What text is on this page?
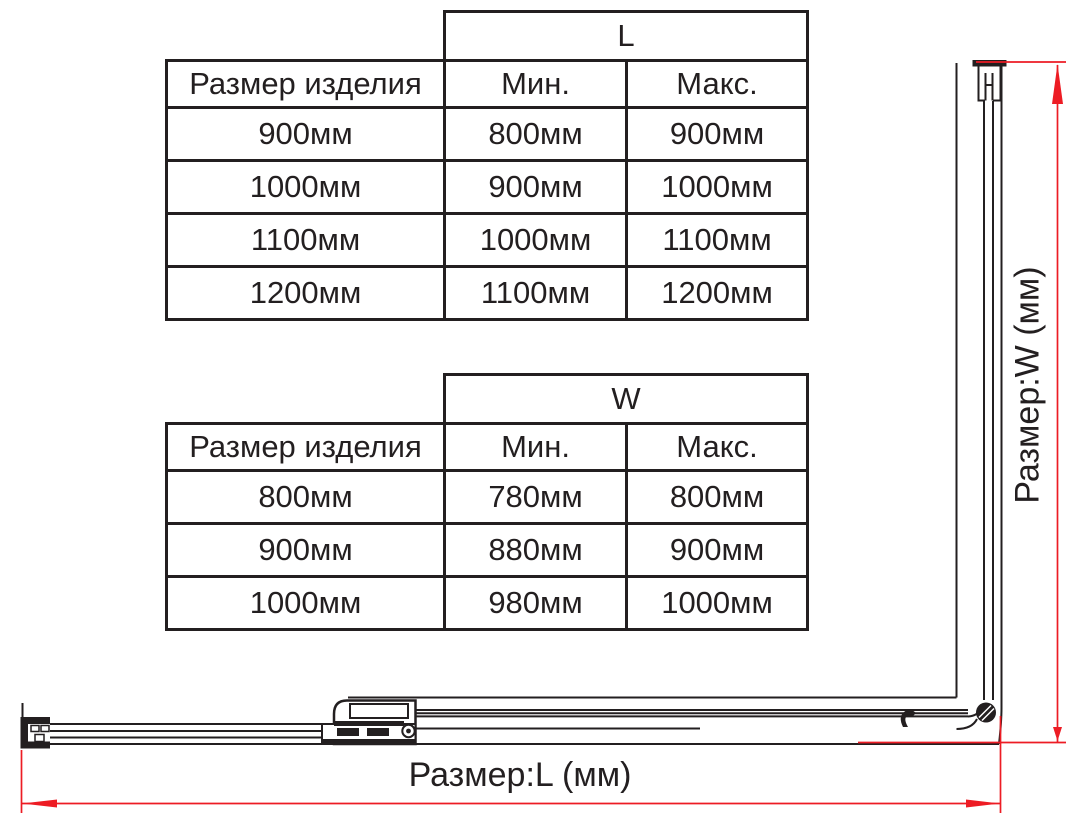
Размер:L (мм)
Размер:W (мм)
	L	
Размер изделия	Мин.	Макс.
900мм	800мм	900мм
1000мм	900мм	1000мм
1100мм	1000мм	1100мм
1200мм	1100мм	1200мм
	W	
Размер изделия	Мин.	Макс.
800мм	780мм	800мм
900мм	880мм	900мм
1000мм	980мм	1000мм
